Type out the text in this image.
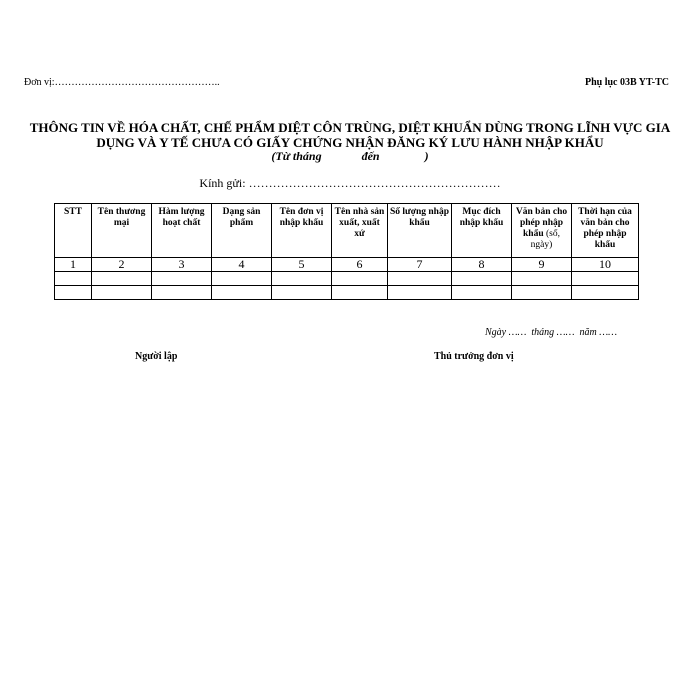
Đơn vị:…………………………………………..	Phụ lục 03B YT-TC
THÔNG TIN VỀ HÓA CHẤT, CHẾ PHẨM DIỆT CÔN TRÙNG, DIỆT KHUẨN DÙNG TRONG LĨNH VỰC GIA
DỤNG VÀ Y TẾ CHƯA CÓ GIẤY CHỨNG NHẬN ĐĂNG KÝ LƯU HÀNH NHẬP KHẨU
(Từ tháng	đến	)
Kính gửi: ………………………………………………………
STT	Tên thương mại	Hàm lượng hoạt chất	Dạng sản phẩm	Tên đơn vị nhập khẩu	Tên nhà sản xuất, xuất xứ	Số lượng nhập khẩu	Mục đích nhập khẩu	Văn bản cho phép nhập khẩu (số, ngày)	Thời hạn của văn bản cho phép nhập khẩu
1	2	3	4	5	6	7	8	9	10

Ngày …… tháng …… năm ……
Người lập	Thủ trưởng đơn vị
